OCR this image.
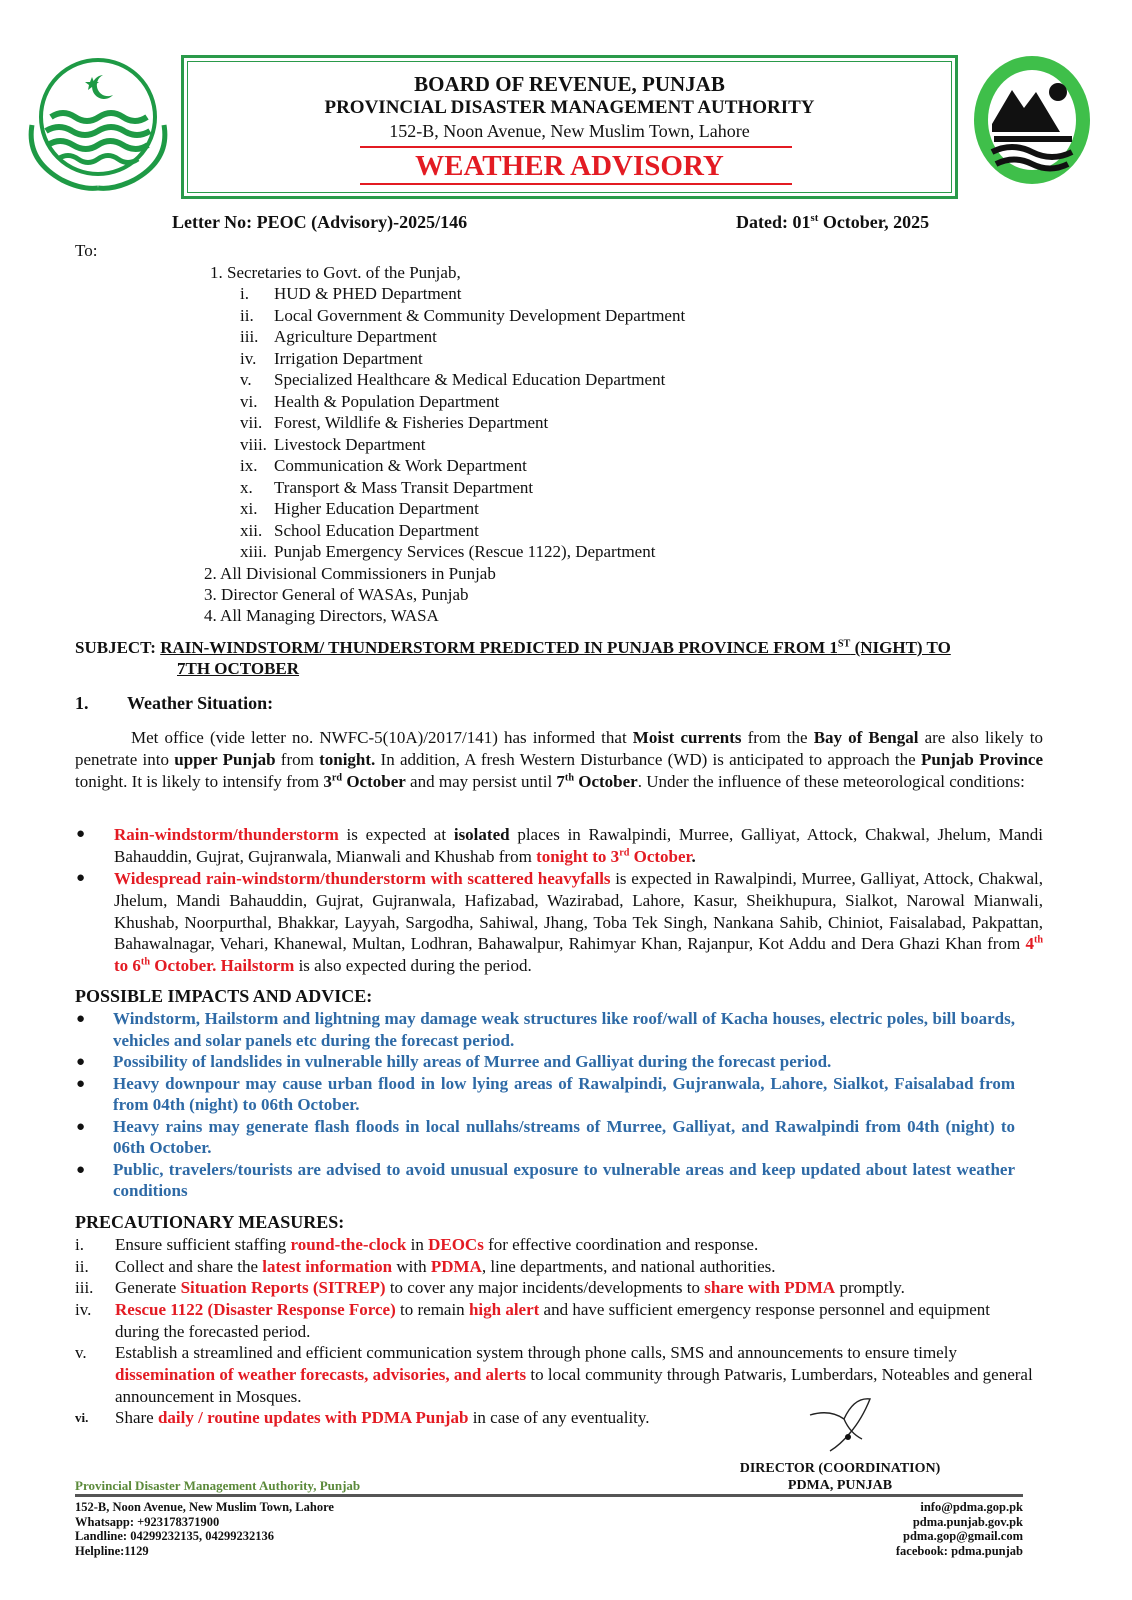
BOARD OF REVENUE, PUNJAB
PROVINCIAL DISASTER MANAGEMENT AUTHORITY
152-B, Noon Avenue, New Muslim Town, Lahore
WEATHER ADVISORY
Letter No: PEOC (Advisory)-2025/146	Dated: 01st October, 2025
To:
1. Secretaries to Govt. of the Punjab,
i. HUD & PHED Department
ii. Local Government & Community Development Department
iii. Agriculture Department
iv. Irrigation Department
v. Specialized Healthcare & Medical Education Department
vi. Health & Population Department
vii. Forest, Wildlife & Fisheries Department
viii. Livestock Department
ix. Communication & Work Department
x. Transport & Mass Transit Department
xi. Higher Education Department
xii. School Education Department
xiii. Punjab Emergency Services (Rescue 1122), Department
2. All Divisional Commissioners in Punjab
3. Director General of WASAs, Punjab
4. All Managing Directors, WASA
SUBJECT: RAIN-WINDSTORM/ THUNDERSTORM PREDICTED IN PUNJAB PROVINCE FROM 1ST (NIGHT) TO
7TH OCTOBER
1. Weather Situation:
Met office (vide letter no. NWFC-5(10A)/2017/141) has informed that Moist currents from the Bay of Bengal are also likely to penetrate into upper Punjab from tonight. In addition, A fresh Western Disturbance (WD) is anticipated to approach the Punjab Province tonight. It is likely to intensify from 3rd October and may persist until 7th October. Under the influence of these meteorological conditions:
● Rain-windstorm/thunderstorm is expected at isolated places in Rawalpindi, Murree, Galliyat, Attock, Chakwal, Jhelum, Mandi Bahauddin, Gujrat, Gujranwala, Mianwali and Khushab from tonight to 3rd October.
● Widespread rain-windstorm/thunderstorm with scattered heavyfalls is expected in Rawalpindi, Murree, Galliyat, Attock, Chakwal, Jhelum, Mandi Bahauddin, Gujrat, Gujranwala, Hafizabad, Wazirabad, Lahore, Kasur, Sheikhupura, Sialkot, Narowal Mianwali, Khushab, Noorpurthal, Bhakkar, Layyah, Sargodha, Sahiwal, Jhang, Toba Tek Singh, Nankana Sahib, Chiniot, Faisalabad, Pakpattan, Bahawalnagar, Vehari, Khanewal, Multan, Lodhran, Bahawalpur, Rahimyar Khan, Rajanpur, Kot Addu and Dera Ghazi Khan from 4th to 6th October. Hailstorm is also expected during the period.
POSSIBLE IMPACTS AND ADVICE:
● Windstorm, Hailstorm and lightning may damage weak structures like roof/wall of Kacha houses, electric poles, bill boards, vehicles and solar panels etc during the forecast period.
● Possibility of landslides in vulnerable hilly areas of Murree and Galliyat during the forecast period.
● Heavy downpour may cause urban flood in low lying areas of Rawalpindi, Gujranwala, Lahore, Sialkot, Faisalabad from from 04th (night) to 06th October.
● Heavy rains may generate flash floods in local nullahs/streams of Murree, Galliyat, and Rawalpindi from 04th (night) to 06th October.
● Public, travelers/tourists are advised to avoid unusual exposure to vulnerable areas and keep updated about latest weather conditions
PRECAUTIONARY MEASURES:
i. Ensure sufficient staffing round-the-clock in DEOCs for effective coordination and response.
ii. Collect and share the latest information with PDMA, line departments, and national authorities.
iii. Generate Situation Reports (SITREP) to cover any major incidents/developments to share with PDMA promptly.
iv. Rescue 1122 (Disaster Response Force) to remain high alert and have sufficient emergency response personnel and equipment during the forecasted period.
v. Establish a streamlined and efficient communication system through phone calls, SMS and announcements to ensure timely dissemination of weather forecasts, advisories, and alerts to local community through Patwaris, Lumberdars, Noteables and general announcement in Mosques.
vi. Share daily / routine updates with PDMA Punjab in case of any eventuality.
DIRECTOR (COORDINATION)
PDMA, PUNJAB
Provincial Disaster Management Authority, Punjab
152-B, Noon Avenue, New Muslim Town, Lahore
Whatsapp: +923178371900
Landline: 04299232135, 04299232136
Helpline:1129
info@pdma.gop.pk
pdma.punjab.gov.pk
pdma.gop@gmail.com
facebook: pdma.punjab
